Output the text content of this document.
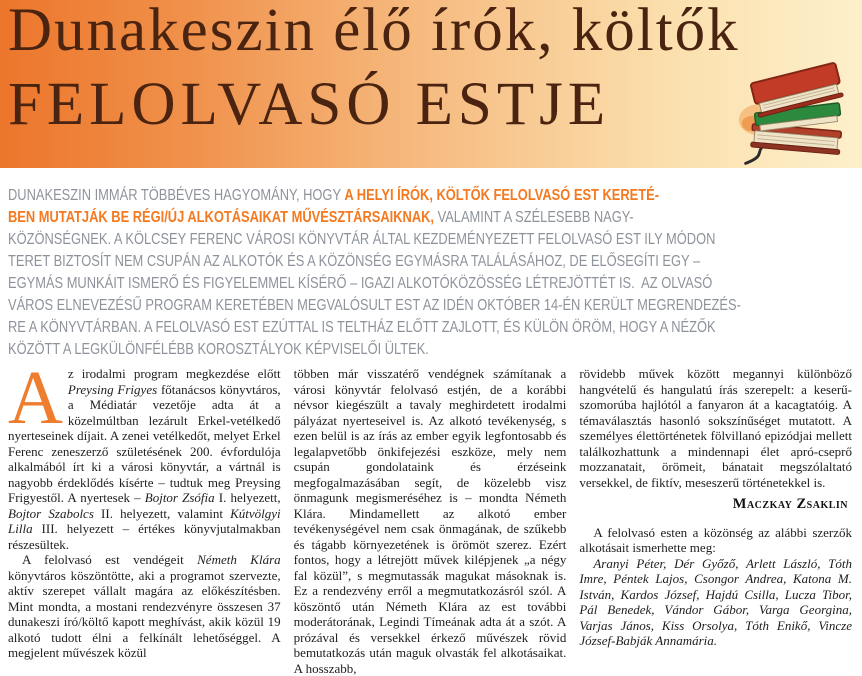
Dunakeszin élő írók, költők
FELOLVASÓ ESTJE
DUNAKESZIN IMMÁR TÖBBÉVES HAGYOMÁNY, HOGY A HELYI ÍRÓK, KÖLTŐK FELOLVASÓ EST KERETÉ-
BEN MUTATJÁK BE RÉGI/ÚJ ALKOTÁSAIKAT MŰVÉSZTÁRSAIKNAK, VALAMINT A SZÉLESEBB NAGY-
KÖZÖNSÉGNEK. A KÖLCSEY FERENC VÁROSI KÖNYVTÁR ÁLTAL KEZDEMÉNYEZETT FELOLVASÓ EST ILY MÓDON
TERET BIZTOSÍT NEM CSUPÁN AZ ALKOTÓK ÉS A KÖZÖNSÉG EGYMÁSRA TALÁLÁSÁHOZ, DE ELŐSEGÍTI EGY –
EGYMÁS MUNKÁIT ISMERŐ ÉS FIGYELEMMEL KÍSÉRŐ – IGAZI ALKOTÓKÖZÖSSÉG LÉTREJÖTTÉT IS.  AZ OLVASÓ
VÁROS ELNEVEZÉSŰ PROGRAM KERETÉBEN MEGVALÓSULT EST AZ IDÉN OKTÓBER 14-ÉN KERÜLT MEGRENDEZÉS-
RE A KÖNYVTÁRBAN. A FELOLVASÓ EST EZÚTTAL IS TELTHÁZ ELŐTT ZAJLOTT, ÉS KÜLÖN ÖRÖM, HOGY A NÉZŐK
KÖZÖTT A LEGKÜLÖNFÉLÉBB KOROSZTÁLYOK KÉPVISELŐI ÜLTEK.

Az irodalmi program megkezdése előtt Preysing Frigyes főtanácsos könyvtáros, a Médiatár vezetője adta át a közelmúltban lezárult Erkel-vetélkedő nyerteseinek díjait. A zenei vetélkedőt, melyet Erkel Ferenc zeneszerző születésének 200. évfordulója alkalmából írt ki a városi könyvtár, a vártnál is nagyobb érdeklődés kísérte – tudtuk meg Preysing Frigyestől. A nyertesek – Bojtor Zsófia I. helyezett, Bojtor Szabolcs II. helyezett, valamint Kútvölgyi Lilla III. helyezett – értékes könyvjutalmakban részesültek.

A felolvasó est vendégeit Németh Klára könyvtáros köszöntötte, aki a programot szervezte, aktív szerepet vállalt magára az előkészítésben. Mint mondta, a mostani rendezvényre összesen 37 dunakeszi író/költő kapott meghívást, akik közül 19 alkotó tudott élni a felkínált lehetőséggel. A megjelent művészek közül

többen már visszatérő vendégnek számítanak a városi könyvtár felolvasó estjén, de a korábbi névsor kiegészült a tavaly meghirdetett irodalmi pályázat nyerteseivel is. Az alkotó tevékenység, s ezen belül is az írás az ember egyik legfontosabb és legalapvetőbb önkifejezési eszköze, mely nem csupán gondolataink és érzéseink megfogalmazásában segít, de közelebb visz önmagunk megismeréséhez is – mondta Németh Klára. Mindamellett az alkotó ember tevékenységével nem csak önmagának, de szűkebb és tágabb környezetének is örömöt szerez. Ezért fontos, hogy a létrejött művek kilépjenek „a négy fal közül”, s megmutassák magukat másoknak is. Ez a rendezvény erről a megmutatkozásról szól. A köszöntő után Németh Klára az est további moderátorának, Legindi Tímeának adta át a szót. A prózával és versekkel érkező művészek rövid bemutatkozás után maguk olvasták fel alkotásaikat. A hosszabb,

rövidebb művek között megannyi különböző hangvételű és hangulatú írás szerepelt: a keserű-szomorúba hajlótól a fanyaron át a kacagtatóig. A témaválasztás hasonló sokszínűséget mutatott. A személyes élettörténetek fölvillanó epizódjai mellett találkozhattunk a mindennapi élet apró-cseprő mozzanatait, örömeit, bánatait megszólaltató versekkel, de fiktív, meseszerű történetekkel is.

Maczkay Zsaklin

A felolvasó esten a közönség az alábbi szerzők alkotásait ismerhette meg:

Aranyi Péter, Dér Győző, Arlett László, Tóth Imre, Péntek Lajos, Csongor Andrea, Katona M. István, Kardos József, Hajdú Csilla, Lucza Tibor, Pál Benedek, Vándor Gábor, Varga Georgina, Varjas János, Kiss Orsolya, Tóth Enikő, Vincze József-Babják Annamária.
